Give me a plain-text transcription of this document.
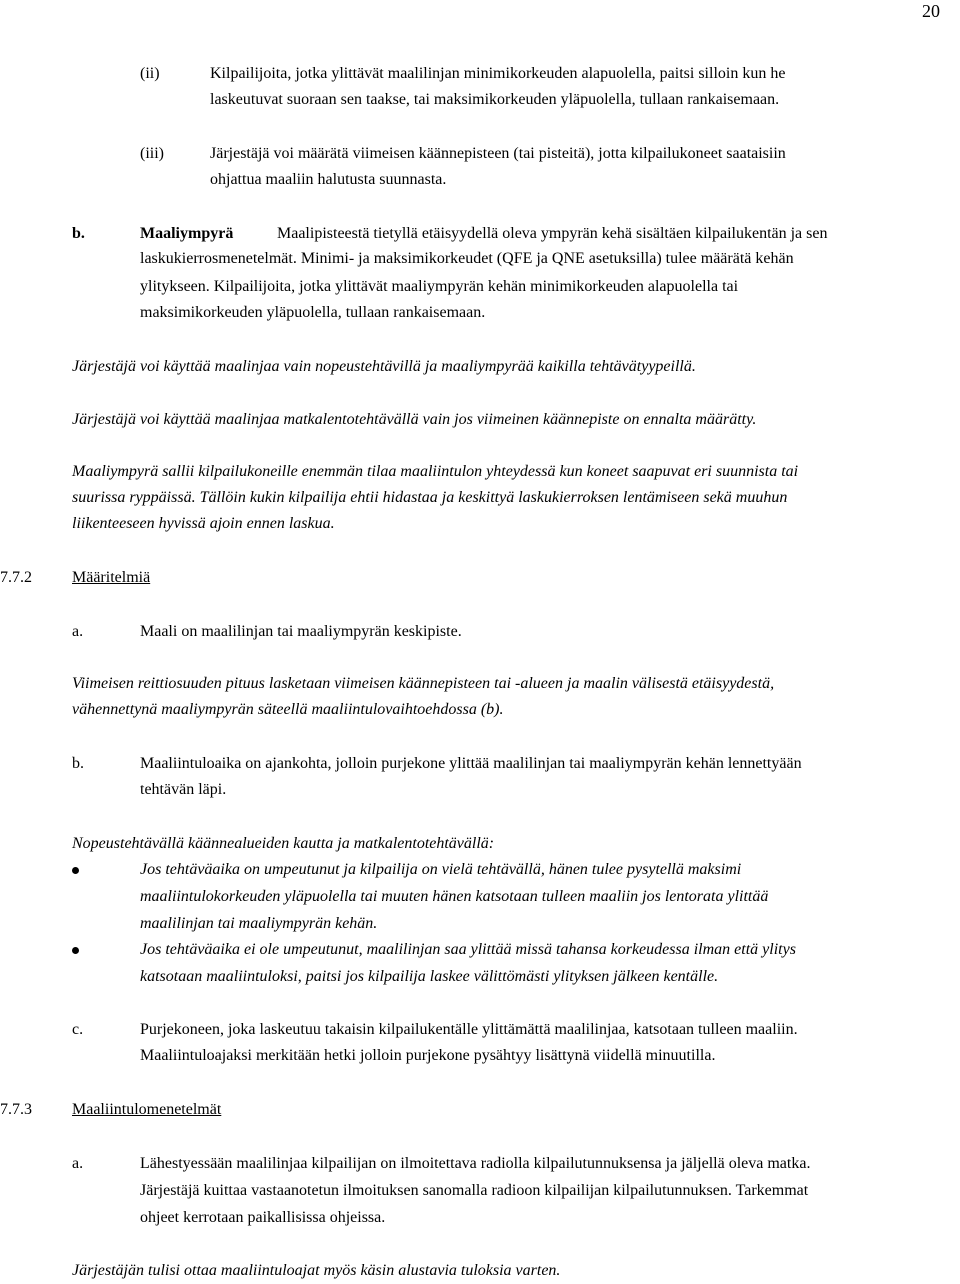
20
(ii)	Kilpailijoita, jotka ylittävät maalilinjan minimikorkeuden alapuolella, paitsi silloin kun he
laskeutuvat suoraan sen taakse, tai maksimikorkeuden yläpuolella, tullaan rankaisemaan.
(iii)	Järjestäjä voi määrätä viimeisen käännepisteen (tai pisteitä), jotta kilpailukoneet saataisiin
ohjattua maaliin halutusta suunnasta.
b.	Maaliympyrä	Maalipisteestä tietyllä etäisyydellä oleva ympyrän kehä sisältäen kilpailukentän ja sen
laskukierrosmenetelmät. Minimi- ja maksimikorkeudet (QFE ja QNE asetuksilla) tulee määrätä kehän
ylitykseen. Kilpailijoita, jotka ylittävät maaliympyrän kehän minimikorkeuden alapuolella tai
maksimikorkeuden yläpuolella, tullaan rankaisemaan.
Järjestäjä voi käyttää maalinjaa vain nopeustehtävillä ja maaliympyrää kaikilla tehtävätyypeillä.
Järjestäjä voi käyttää maalinjaa matkalentotehtävällä vain jos viimeinen käännepiste on ennalta määrätty.
Maaliympyrä sallii kilpailukoneille enemmän tilaa maaliintulon yhteydessä kun koneet saapuvat eri suunnista tai
suurissa ryppäissä. Tällöin kukin kilpailija ehtii hidastaa ja keskittyä laskukierroksen lentämiseen sekä muuhun
liikenteeseen hyvissä ajoin ennen laskua.
7.7.2	Määritelmiä
a.	Maali on maalilinjan tai maaliympyrän keskipiste.
Viimeisen reittiosuuden pituus lasketaan viimeisen käännepisteen tai -alueen ja maalin välisestä etäisyydestä,
vähennettynä maaliympyrän säteellä maaliintulovaihtoehdossa (b).
b.	Maaliintuloaika on ajankohta, jolloin purjekone ylittää maalilinjan tai maaliympyrän kehän lennettyään
tehtävän läpi.
Nopeustehtävällä käännealueiden kautta ja matkalentotehtävällä:
Jos tehtäväaika on umpeutunut ja kilpailija on vielä tehtävällä, hänen tulee pysytellä maksimi
maaliintulokorkeuden yläpuolella tai muuten hänen katsotaan tulleen maaliin jos lentorata ylittää
maalilinjan tai maaliympyrän kehän.
Jos tehtäväaika ei ole umpeutunut, maalilinjan saa ylittää missä tahansa korkeudessa ilman että ylitys
katsotaan maaliintuloksi, paitsi jos kilpailija laskee välittömästi ylityksen jälkeen kentälle.
c.	Purjekoneen, joka laskeutuu takaisin kilpailukentälle ylittämättä maalilinjaa, katsotaan tulleen maaliin.
Maaliintuloajaksi merkitään hetki jolloin purjekone pysähtyy lisättynä viidellä minuutilla.
7.7.3	Maaliintulomenetelmät
a.	Lähestyessään maalilinjaa kilpailijan on ilmoitettava radiolla kilpailutunnuksensa ja jäljellä oleva matka.
Järjestäjä kuittaa vastaanotetun ilmoituksen sanomalla radioon kilpailijan kilpailutunnuksen. Tarkemmat
ohjeet kerrotaan paikallisissa ohjeissa.
Järjestäjän tulisi ottaa maaliintuloajat myös käsin alustavia tuloksia varten.
